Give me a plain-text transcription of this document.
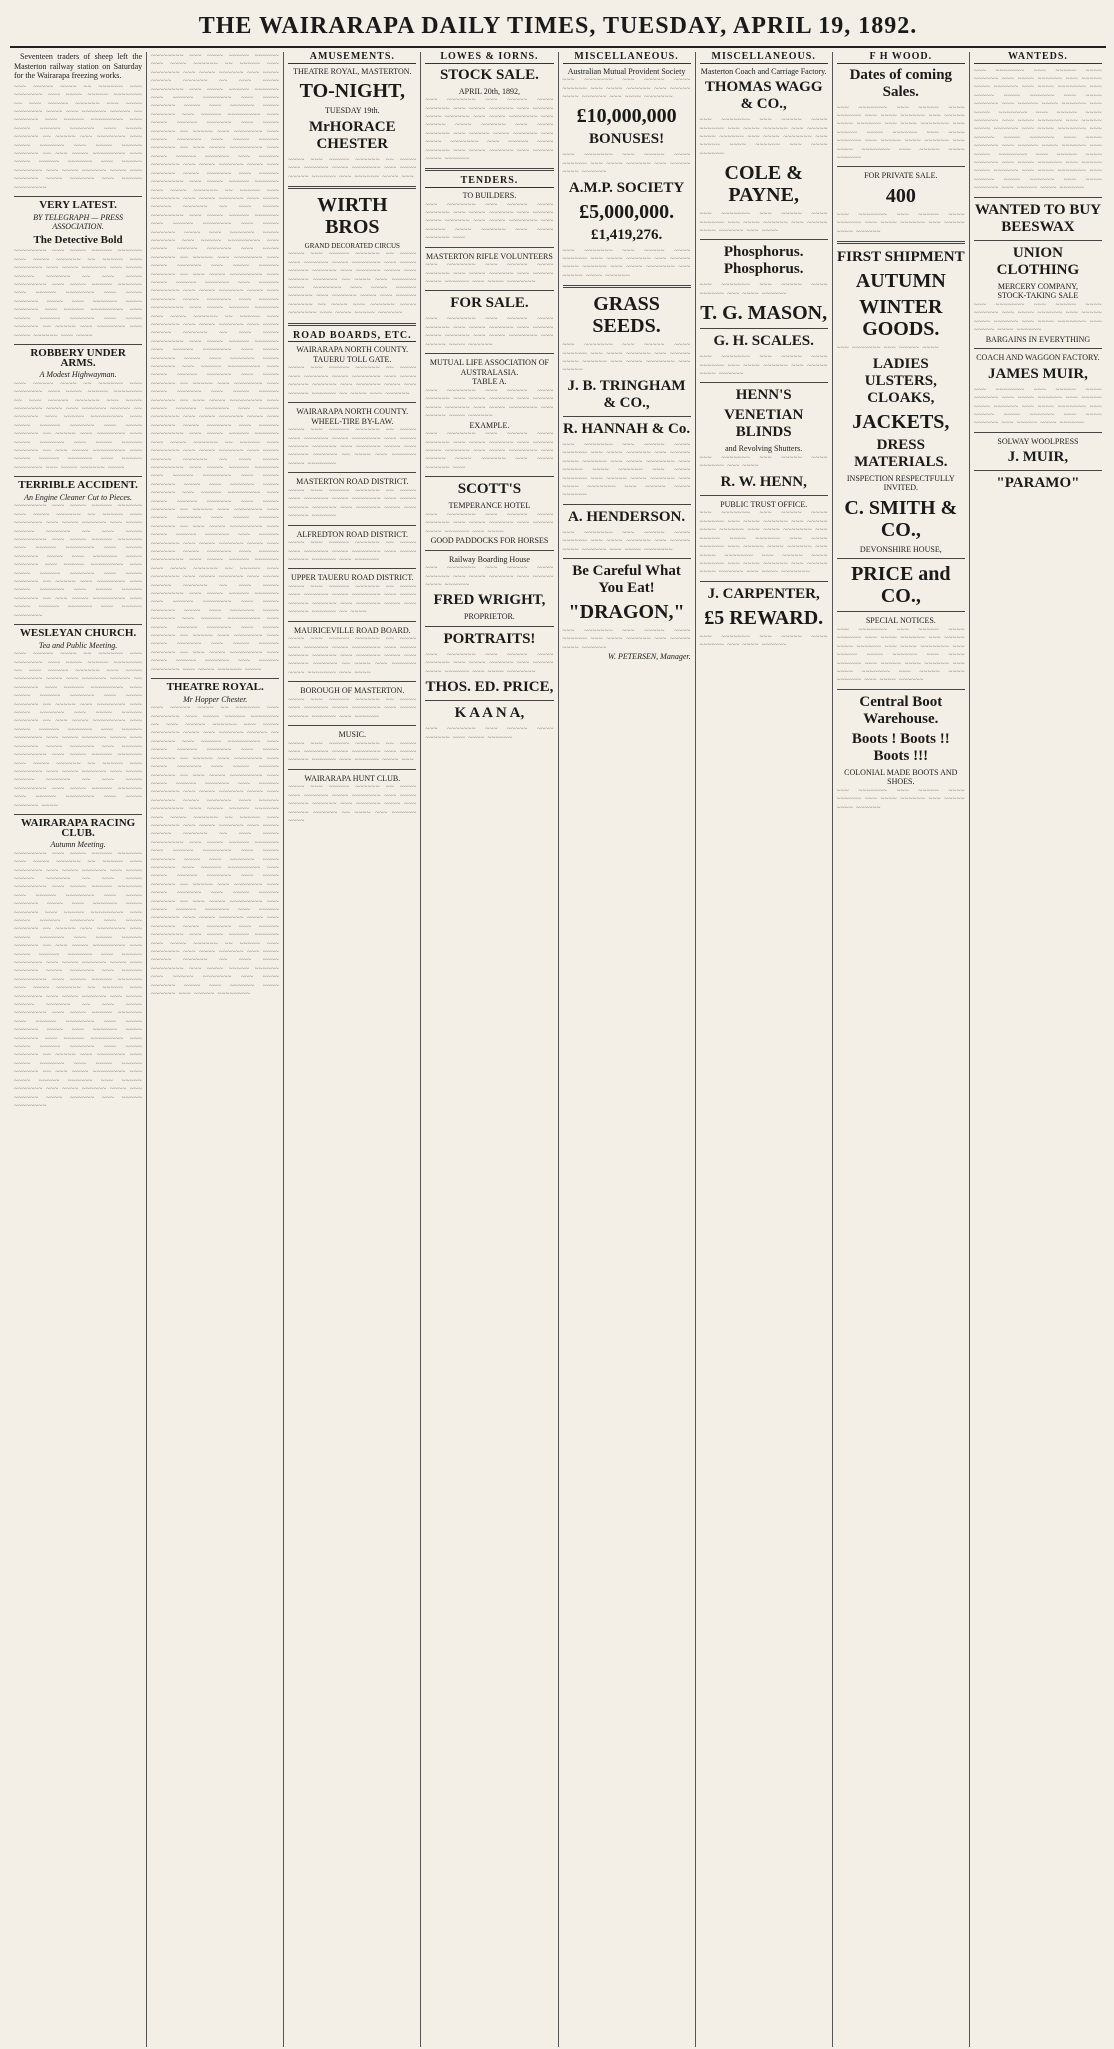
THE WAIRARAPA DAILY TIMES, TUESDAY, APRIL 19, 1892.

Seventeen traders of sheep left the Masterton railway station on Saturday for the Wairarapa freezing works.

~~~ ~~~~~ ~~~~ ~~ ~~~~~~ ~~~ ~~~~~~~ ~~~ ~~~~ ~~~~~ ~~~~~~~ ~~ ~~~ ~~~~~ ~~~~~~ ~~~ ~~~~ ~~~~~~~ ~~~~ ~~~ ~~~~~~ ~~~~~ ~~ ~~~~~~ ~~~ ~~~~~ ~~~~~~~~ ~~~ ~~~~ ~~~~~ ~~~~~~ ~~~ ~~~~ ~~~~~~ ~~ ~~~~~ ~~~ ~~~~~~~ ~~~ ~~~~ ~~~~~~ ~~~ ~~~~ ~~~~~ ~~~~~~ ~~ ~~~ ~~~~ ~~~~~~~~ ~~~ ~~~~ ~~~~~ ~~~~~~ ~~~ ~~~~~ ~~~~~~~ ~~~ ~~~~ ~~~~~~ ~~~~ ~~~ ~~~~~~ ~~~~ ~~~~~~ ~~~ ~~~~~ ~~~~~~~~
VERY LATEST.
BY TELEGRAPH — PRESS ASSOCIATION.
The Detective Bold
~~~~~~~~ ~~~ ~~~~ ~~~~~ ~~~~~~ ~~~ ~~~~ ~~~~~~ ~~ ~~~~~ ~~~ ~~~~~~~ ~~~ ~~~~ ~~~~~~ ~~~ ~~~~ ~~~~~ ~~~~~~ ~~ ~~~ ~~~~ ~~~~~~~~ ~~~ ~~~~ ~~~~~ ~~~~~~ ~~~ ~~~~~ ~~~~~~~ ~~~ ~~~~ ~~~~~~ ~~~~ ~~~ ~~~~~~ ~~~~ ~~~~~~ ~~~ ~~~~~ ~~~~~~~~ ~~~ ~~~~ ~~~~~ ~~~~~~ ~~~ ~~~~ ~~~~~~ ~~ ~~~~~ ~~~ ~~~~~~~ ~~~ ~~~~ ~~~~~~ ~~~ ~~~~
ROBBERY UNDER ARMS.
A Modest Highwayman.
~~~ ~~~~~ ~~~~ ~~ ~~~~~~ ~~~ ~~~~~~~ ~~~ ~~~~ ~~~~~ ~~~~~~~ ~~ ~~~ ~~~~~ ~~~~~~ ~~~ ~~~~ ~~~~~~~ ~~~~ ~~~ ~~~~~~ ~~~~~ ~~ ~~~~~~ ~~~ ~~~~~ ~~~~~~~~ ~~~ ~~~~ ~~~~~ ~~~~~~ ~~~ ~~~~ ~~~~~~ ~~ ~~~~~ ~~~ ~~~~~~~ ~~~ ~~~~ ~~~~~~ ~~~ ~~~~ ~~~~~ ~~~~~~ ~~ ~~~ ~~~~ ~~~~~~~~ ~~~ ~~~~ ~~~~~ ~~~~~~ ~~~ ~~~~~ ~~~~~~~ ~~~ ~~~~ ~~~~~~ ~~~~
TERRIBLE ACCIDENT.
An Engine Cleaner Cut to Pieces.
~~~~~~~~ ~~~ ~~~~ ~~~~~ ~~~~~~ ~~~ ~~~~ ~~~~~~ ~~ ~~~~~ ~~~ ~~~~~~~ ~~~ ~~~~ ~~~~~~ ~~~ ~~~~ ~~~~~ ~~~~~~ ~~ ~~~ ~~~~ ~~~~~~~~ ~~~ ~~~~ ~~~~~ ~~~~~~ ~~~ ~~~~~ ~~~~~~~ ~~~ ~~~~ ~~~~~~ ~~~~ ~~~ ~~~~~~ ~~~~ ~~~~~~ ~~~ ~~~~~ ~~~~~~~~ ~~~ ~~~~ ~~~~~ ~~~~~~ ~~~ ~~~~ ~~~~~~ ~~ ~~~~~ ~~~ ~~~~~~~ ~~~ ~~~~ ~~~~~~ ~~~ ~~~~ ~~~~~ ~~~~~~ ~~ ~~~ ~~~~ ~~~~~~~~ ~~~ ~~~~ ~~~~~ ~~~~~~ ~~~ ~~~~~ ~~~~~~~
WESLEYAN CHURCH.
Tea and Public Meeting.
~~~ ~~~~~ ~~~~ ~~ ~~~~~~ ~~~ ~~~~~~~ ~~~ ~~~~ ~~~~~ ~~~~~~~ ~~ ~~~ ~~~~~ ~~~~~~ ~~~ ~~~~ ~~~~~~~ ~~~~ ~~~ ~~~~~~ ~~~~~ ~~ ~~~~~~ ~~~ ~~~~~ ~~~~~~~~ ~~~ ~~~~ ~~~~~ ~~~~~~ ~~~ ~~~~ ~~~~~~ ~~ ~~~~~ ~~~ ~~~~~~~ ~~~ ~~~~ ~~~~~~ ~~~ ~~~~ ~~~~~ ~~~~~~ ~~ ~~~ ~~~~ ~~~~~~~~ ~~~ ~~~~ ~~~~~ ~~~~~~ ~~~ ~~~~~ ~~~~~~~ ~~~ ~~~~ ~~~~~~ ~~~~ ~~~ ~~~~~~ ~~~~ ~~~~~~ ~~~ ~~~~~ ~~~~~~~~ ~~~ ~~~~ ~~~~~ ~~~~~~ ~~~ ~~~~ ~~~~~~ ~~ ~~~~~ ~~~ ~~~~~~~ ~~~ ~~~~ ~~~~~~ ~~~ ~~~~ ~~~~~ ~~~~~~ ~~ ~~~ ~~~~ ~~~~~~~~ ~~~ ~~~~ ~~~~~ ~~~~~~ ~~~ ~~~~~ ~~~~~~~ ~~~ ~~~~ ~~~~~~ ~~~~
WAIRARAPA RACING CLUB.
Autumn Meeting.
~~~~~~~~ ~~~ ~~~~ ~~~~~ ~~~~~~ ~~~ ~~~~ ~~~~~~ ~~ ~~~~~ ~~~ ~~~~~~~ ~~~ ~~~~ ~~~~~~ ~~~ ~~~~ ~~~~~ ~~~~~~ ~~ ~~~ ~~~~ ~~~~~~~~ ~~~ ~~~~ ~~~~~ ~~~~~~ ~~~ ~~~~~ ~~~~~~~ ~~~ ~~~~ ~~~~~~ ~~~~ ~~~ ~~~~~~ ~~~~ ~~~~~~ ~~~ ~~~~~ ~~~~~~~~ ~~~ ~~~~ ~~~~~ ~~~~~~ ~~~ ~~~~ ~~~~~~ ~~ ~~~~~ ~~~ ~~~~~~~ ~~~ ~~~~ ~~~~~~ ~~~ ~~~~ ~~~~~ ~~~~~~ ~~ ~~~ ~~~~ ~~~~~~~~ ~~~ ~~~~ ~~~~~ ~~~~~~ ~~~ ~~~~~ ~~~~~~~ ~~~ ~~~~ ~~~~~~ ~~~~ ~~~ ~~~~~~ ~~~~ ~~~~~~ ~~~ ~~~~~ ~~~~~~~~ ~~~ ~~~~ ~~~~~ ~~~~~~ ~~~ ~~~~ ~~~~~~ ~~ ~~~~~ ~~~ ~~~~~~~ ~~~ ~~~~ ~~~~~~ ~~~ ~~~~ ~~~~~ ~~~~~~ ~~ ~~~ ~~~~ ~~~~~~~~ ~~~ ~~~~ ~~~~~ ~~~~~~ ~~~ ~~~~~ ~~~~~~~ ~~~ ~~~~ ~~~~~~ ~~~~ ~~~ ~~~~~~ ~~~~ ~~~~~~ ~~~ ~~~~~ ~~~~~~~~ ~~~ ~~~~ ~~~~~ ~~~~~~ ~~~ ~~~~ ~~~~~~ ~~ ~~~~~ ~~~ ~~~~~~~ ~~~ ~~~~ ~~~~~~ ~~~ ~~~~ ~~~~~ ~~~~~~ ~~ ~~~ ~~~~ ~~~~~~~~ ~~~ ~~~~ ~~~~~ ~~~~~~ ~~~ ~~~~~ ~~~~~~~ ~~~ ~~~~ ~~~~~~ ~~~~ ~~~ ~~~~~~ ~~~~ ~~~~~~ ~~~ ~~~~~ ~~~~~~~~
~~~~~~~~ ~~~ ~~~~ ~~~~~ ~~~~~~ ~~~ ~~~~ ~~~~~~ ~~ ~~~~~ ~~~ ~~~~~~~ ~~~ ~~~~ ~~~~~~ ~~~ ~~~~ ~~~~~ ~~~~~~ ~~ ~~~ ~~~~ ~~~~~~~~ ~~~ ~~~~ ~~~~~ ~~~~~~ ~~~ ~~~~~ ~~~~~~~ ~~~ ~~~~ ~~~~~~ ~~~~ ~~~ ~~~~~~ ~~~~ ~~~~~~ ~~~ ~~~~~ ~~~~~~~~ ~~~ ~~~~ ~~~~~ ~~~~~~ ~~~ ~~~~ ~~~~~~ ~~ ~~~~~ ~~~ ~~~~~~~ ~~~ ~~~~ ~~~~~~ ~~~ ~~~~ ~~~~~ ~~~~~~ ~~ ~~~ ~~~~ ~~~~~~~~ ~~~ ~~~~ ~~~~~ ~~~~~~ ~~~ ~~~~~ ~~~~~~~ ~~~ ~~~~ ~~~~~~ ~~~~ ~~~ ~~~~~~ ~~~~ ~~~~~~ ~~~ ~~~~~ ~~~~~~~~ ~~~ ~~~~ ~~~~~ ~~~~~~ ~~~ ~~~~ ~~~~~~ ~~ ~~~~~ ~~~ ~~~~~~~ ~~~ ~~~~ ~~~~~~ ~~~ ~~~~ ~~~~~ ~~~~~~ ~~ ~~~ ~~~~ ~~~~~~~~ ~~~ ~~~~ ~~~~~ ~~~~~~ ~~~ ~~~~~ ~~~~~~~ ~~~ ~~~~ ~~~~~~ ~~~~ ~~~ ~~~~~~ ~~~~ ~~~~~~ ~~~ ~~~~~ ~~~~~~~~ ~~~ ~~~~ ~~~~~ ~~~~~~ ~~~ ~~~~ ~~~~~~ ~~ ~~~~~ ~~~ ~~~~~~~ ~~~ ~~~~ ~~~~~~ ~~~ ~~~~ ~~~~~ ~~~~~~ ~~ ~~~ ~~~~ ~~~~~~~~ ~~~ ~~~~ ~~~~~ ~~~~~~ ~~~ ~~~~~ ~~~~~~~ ~~~ ~~~~ ~~~~~~ ~~~~ ~~~ ~~~~~~ ~~~~ ~~~~~~ ~~~ ~~~~~ ~~~~~~~~ ~~~ ~~~~ ~~~~~ ~~~~~~ ~~~ ~~~~ ~~~~~~ ~~ ~~~~~ ~~~ ~~~~~~~ ~~~ ~~~~ ~~~~~~ ~~~ ~~~~ ~~~~~ ~~~~~~ ~~ ~~~ ~~~~ ~~~~~~~~ ~~~ ~~~~ ~~~~~ ~~~~~~ ~~~ ~~~~~ ~~~~~~~ ~~~ ~~~~ ~~~~~~ ~~~~ ~~~ ~~~~~~ ~~~~ ~~~~~~ ~~~ ~~~~~ ~~~~~~~~ ~~~ ~~~~ ~~~~~ ~~~~~~ ~~~ ~~~~ ~~~~~~ ~~ ~~~~~ ~~~ ~~~~~~~ ~~~ ~~~~ ~~~~~~ ~~~ ~~~~ ~~~~~ ~~~~~~ ~~ ~~~ ~~~~ ~~~~~~~~ ~~~ ~~~~ ~~~~~ ~~~~~~ ~~~ ~~~~~ ~~~~~~~ ~~~ ~~~~ ~~~~~~ ~~~~ ~~~ ~~~~~~ ~~~~ ~~~~~~ ~~~ ~~~~~ ~~~~~~~~ ~~~ ~~~~ ~~~~~ ~~~~~~ ~~~ ~~~~ ~~~~~~ ~~ ~~~~~ ~~~ ~~~~~~~ ~~~ ~~~~ ~~~~~~ ~~~ ~~~~ ~~~~~ ~~~~~~ ~~ ~~~ ~~~~ ~~~~~~~~ ~~~ ~~~~ ~~~~~ ~~~~~~ ~~~ ~~~~~ ~~~~~~~ ~~~ ~~~~ ~~~~~~ ~~~~ ~~~ ~~~~~~ ~~~~ ~~~~~~ ~~~ ~~~~~ ~~~~~~~~ ~~~ ~~~~ ~~~~~ ~~~~~~ ~~~ ~~~~ ~~~~~~ ~~ ~~~~~ ~~~ ~~~~~~~ ~~~ ~~~~ ~~~~~~ ~~~ ~~~~ ~~~~~ ~~~~~~ ~~ ~~~ ~~~~ ~~~~~~~~ ~~~ ~~~~ ~~~~~ ~~~~~~ ~~~ ~~~~~ ~~~~~~~ ~~~ ~~~~ ~~~~~~ ~~~~ ~~~ ~~~~~~ ~~~~ ~~~~~~ ~~~ ~~~~~ ~~~~~~~~ ~~~ ~~~~ ~~~~~ ~~~~~~ ~~~ ~~~~ ~~~~~~ ~~ ~~~~~ ~~~ ~~~~~~~ ~~~ ~~~~ ~~~~~~ ~~~ ~~~~ ~~~~~ ~~~~~~ ~~ ~~~ ~~~~ ~~~~~~~~ ~~~ ~~~~ ~~~~~ ~~~~~~ ~~~ ~~~~~ ~~~~~~~ ~~~ ~~~~ ~~~~~~ ~~~~ ~~~ ~~~~~~ ~~~~ ~~~~~~ ~~~ ~~~~~ ~~~~~~~~ ~~~ ~~~~ ~~~~~ ~~~~~~ ~~~ ~~~~ ~~~~~~ ~~ ~~~~~ ~~~ ~~~~~~~ ~~~ ~~~~ ~~~~~~ ~~~ ~~~~ ~~~~~ ~~~~~~ ~~ ~~~ ~~~~ ~~~~~~~~ ~~~ ~~~~ ~~~~~ ~~~~~~ ~~~ ~~~~~ ~~~~~~~ ~~~ ~~~~ ~~~~~~ ~~~~
THEATRE ROYAL.
Mr Hopper Chester.
~~~ ~~~~~ ~~~~ ~~ ~~~~~~ ~~~ ~~~~~~~ ~~~ ~~~~ ~~~~~ ~~~~~~~ ~~ ~~~ ~~~~~ ~~~~~~ ~~~ ~~~~ ~~~~~~~ ~~~~ ~~~ ~~~~~~ ~~~~~ ~~ ~~~~~~ ~~~ ~~~~~ ~~~~~~~~ ~~~ ~~~~ ~~~~~ ~~~~~~ ~~~ ~~~~ ~~~~~~ ~~ ~~~~~ ~~~ ~~~~~~~ ~~~ ~~~~ ~~~~~~ ~~~ ~~~~ ~~~~~ ~~~~~~ ~~ ~~~ ~~~~ ~~~~~~~~ ~~~ ~~~~ ~~~~~ ~~~~~~ ~~~ ~~~~~ ~~~~~~~ ~~~ ~~~~ ~~~~~~ ~~~~ ~~~ ~~~~~~ ~~~~ ~~~~~~ ~~~ ~~~~~ ~~~~~~~~ ~~~ ~~~~ ~~~~~ ~~~~~~ ~~~ ~~~~ ~~~~~~ ~~ ~~~~~ ~~~ ~~~~~~~ ~~~ ~~~~ ~~~~~~ ~~~ ~~~~ ~~~~~ ~~~~~~ ~~ ~~~ ~~~~ ~~~~~~~~ ~~~ ~~~~ ~~~~~ ~~~~~~ ~~~ ~~~~~ ~~~~~~~ ~~~ ~~~~ ~~~~~~ ~~~~ ~~~ ~~~~~~ ~~~~ ~~~~~~ ~~~ ~~~~~ ~~~~~~~~ ~~~ ~~~~ ~~~~~ ~~~~~~ ~~~ ~~~~ ~~~~~~ ~~ ~~~~~ ~~~ ~~~~~~~ ~~~ ~~~~ ~~~~~~ ~~~ ~~~~ ~~~~~ ~~~~~~ ~~ ~~~ ~~~~ ~~~~~~~~ ~~~ ~~~~ ~~~~~ ~~~~~~ ~~~ ~~~~~ ~~~~~~~ ~~~ ~~~~ ~~~~~~ ~~~~ ~~~ ~~~~~~ ~~~~ ~~~~~~ ~~~ ~~~~~ ~~~~~~~~ ~~~ ~~~~ ~~~~~ ~~~~~~ ~~~ ~~~~ ~~~~~~ ~~ ~~~~~ ~~~ ~~~~~~~ ~~~ ~~~~ ~~~~~~ ~~~ ~~~~ ~~~~~ ~~~~~~ ~~ ~~~ ~~~~ ~~~~~~~~ ~~~ ~~~~ ~~~~~ ~~~~~~ ~~~ ~~~~~ ~~~~~~~ ~~~ ~~~~ ~~~~~~ ~~~~ ~~~ ~~~~~~ ~~~~ ~~~~~~ ~~~ ~~~~~ ~~~~~~~~
AMUSEMENTS.
THEATRE ROYAL, MASTERTON.
TO-NIGHT,
TUESDAY 19th.
MrHORACE CHESTER
~~~~ ~~~ ~~~~~ ~~~~~~ ~~ ~~~~ ~~~ ~~~~~~ ~~~~ ~~~~~~~ ~~~ ~~~~ ~~~~~ ~~~~~~ ~~~ ~~~~~~ ~~~~ ~~~
WIRTH BROS
GRAND DECORATED CIRCUS
~~~~ ~~~ ~~~~~ ~~~~~~ ~~ ~~~~ ~~~ ~~~~~~ ~~~~ ~~~~~~~ ~~~ ~~~~ ~~~~~ ~~~~~~ ~~~ ~~~~~~ ~~~~ ~~~ ~~~~~ ~~~~~~ ~~ ~~~~ ~~~ ~~~~~~ ~~~~ ~~~~~~~ ~~~ ~~~~ ~~~~~ ~~~~~~ ~~~ ~~~~~~ ~~~~ ~~~ ~~~~~ ~~~~~~ ~~ ~~~~ ~~~ ~~~~~~ ~~~~ ~~~~~~~ ~~~ ~~~~ ~~~~~ ~~~~~~
ROAD BOARDS, ETC.
WAIRARAPA NORTH COUNTY.
TAUERU TOLL GATE.
~~~~ ~~~ ~~~~~ ~~~~~~ ~~ ~~~~ ~~~ ~~~~~~ ~~~~ ~~~~~~~ ~~~ ~~~~ ~~~~~ ~~~~~~ ~~~ ~~~~~~ ~~~~ ~~~ ~~~~~ ~~~~~~ ~~ ~~~~ ~~~ ~~~~~~
WAIRARAPA NORTH COUNTY.
WHEEL-TIRE BY-LAW.
~~~~ ~~~ ~~~~~ ~~~~~~ ~~ ~~~~ ~~~ ~~~~~~ ~~~~ ~~~~~~~ ~~~ ~~~~ ~~~~~ ~~~~~~ ~~~ ~~~~~~ ~~~~ ~~~ ~~~~~ ~~~~~~ ~~ ~~~~ ~~~ ~~~~~~ ~~~~ ~~~~~~~
MASTERTON ROAD DISTRICT.
~~~~ ~~~ ~~~~~ ~~~~~~ ~~ ~~~~ ~~~ ~~~~~~ ~~~~ ~~~~~~~ ~~~ ~~~~ ~~~~~ ~~~~~~ ~~~ ~~~~~~ ~~~~ ~~~ ~~~~~ ~~~~~~
ALFREDTON ROAD DISTRICT.
~~~~ ~~~ ~~~~~ ~~~~~~ ~~ ~~~~ ~~~ ~~~~~~ ~~~~ ~~~~~~~ ~~~ ~~~~ ~~~~~ ~~~~~~ ~~~ ~~~~~~
UPPER TAUERU ROAD DISTRICT.
~~~~ ~~~ ~~~~~ ~~~~~~ ~~ ~~~~ ~~~ ~~~~~~ ~~~~ ~~~~~~~ ~~~ ~~~~ ~~~~~ ~~~~~~ ~~~ ~~~~~~ ~~~~ ~~~ ~~~~~ ~~~~~~ ~~ ~~~~
MAURICEVILLE ROAD BOARD.
~~~~ ~~~ ~~~~~ ~~~~~~ ~~ ~~~~ ~~~ ~~~~~~ ~~~~ ~~~~~~~ ~~~ ~~~~ ~~~~~ ~~~~~~ ~~~ ~~~~~~ ~~~~ ~~~ ~~~~~ ~~~~~~ ~~ ~~~~ ~~~ ~~~~~~ ~~~~ ~~~~~~~ ~~~ ~~~~
BOROUGH OF MASTERTON.
~~~~ ~~~ ~~~~~ ~~~~~~ ~~ ~~~~ ~~~ ~~~~~~ ~~~~ ~~~~~~~ ~~~ ~~~~ ~~~~~ ~~~~~~ ~~~ ~~~~~~
MUSIC.
~~~~ ~~~ ~~~~~ ~~~~~~ ~~ ~~~~ ~~~ ~~~~~~ ~~~~ ~~~~~~~ ~~~ ~~~~ ~~~~~ ~~~~~~ ~~~ ~~~~~~ ~~~~ ~~~
WAIRARAPA HUNT CLUB.
~~~~ ~~~ ~~~~~ ~~~~~~ ~~ ~~~~ ~~~ ~~~~~~ ~~~~ ~~~~~~~ ~~~ ~~~~ ~~~~~ ~~~~~~ ~~~ ~~~~~~ ~~~~ ~~~ ~~~~~ ~~~~~~ ~~ ~~~~ ~~~ ~~~~~~ ~~~~
LOWES & IORNS.
STOCK SALE.
APRIL 20th, 1892,
~~~ ~~~~~~~ ~~~ ~~~~~ ~~~~ ~~~~~~ ~~~ ~~~~ ~~~~~~ ~~~ ~~~~~ ~~~~ ~~~~~~ ~~~ ~~~~ ~~~~~~~ ~~~ ~~~~~ ~~~~ ~~~~~~ ~~~ ~~~~ ~~~~~~ ~~~ ~~~~~ ~~~~ ~~~~~~ ~~~ ~~~~ ~~~~~~~ ~~~ ~~~~~ ~~~~ ~~~~~~ ~~~ ~~~~ ~~~~~~ ~~~ ~~~~~ ~~~~ ~~~~~~
TENDERS.
TO BUILDERS.
~~~ ~~~~~~~ ~~~ ~~~~~ ~~~~ ~~~~~~ ~~~ ~~~~ ~~~~~~ ~~~ ~~~~~ ~~~~ ~~~~~~ ~~~ ~~~~ ~~~~~~~ ~~~ ~~~~~ ~~~~ ~~~~~~ ~~~ ~~~~ ~~~~~~ ~~~
MASTERTON RIFLE VOLUNTEERS
~~~ ~~~~~~~ ~~~ ~~~~~ ~~~~ ~~~~~~ ~~~ ~~~~ ~~~~~~ ~~~ ~~~~~ ~~~~ ~~~~~~ ~~~ ~~~~ ~~~~~~~
FOR SALE.
~~~ ~~~~~~~ ~~~ ~~~~~ ~~~~ ~~~~~~ ~~~ ~~~~ ~~~~~~ ~~~ ~~~~~ ~~~~ ~~~~~~ ~~~ ~~~~ ~~~~~~~ ~~~ ~~~~~ ~~~~ ~~~~~~
MUTUAL LIFE ASSOCIATION OF AUSTRALASIA.
TABLE A.
~~~ ~~~~~~~ ~~~ ~~~~~ ~~~~ ~~~~~~ ~~~ ~~~~ ~~~~~~ ~~~ ~~~~~ ~~~~ ~~~~~~ ~~~ ~~~~ ~~~~~~~ ~~~ ~~~~~ ~~~~ ~~~~~~
EXAMPLE.
~~~ ~~~~~~~ ~~~ ~~~~~ ~~~~ ~~~~~~ ~~~ ~~~~ ~~~~~~ ~~~ ~~~~~ ~~~~ ~~~~~~ ~~~ ~~~~ ~~~~~~~ ~~~ ~~~~~ ~~~~ ~~~~~~ ~~~ ~~~~ ~~~~~~ ~~~
SCOTT'S
TEMPERANCE HOTEL
~~~ ~~~~~~~ ~~~ ~~~~~ ~~~~ ~~~~~~ ~~~ ~~~~ ~~~~~~ ~~~ ~~~~~ ~~~~ ~~~~~~ ~~~ ~~~~
GOOD PADDOCKS FOR HORSES
Railway Boarding House
~~~ ~~~~~~~ ~~~ ~~~~~ ~~~~ ~~~~~~ ~~~ ~~~~ ~~~~~~ ~~~ ~~~~~ ~~~~ ~~~~~~
FRED WRIGHT,
PROPRIETOR.
PORTRAITS!
~~~ ~~~~~~~ ~~~ ~~~~~ ~~~~ ~~~~~~ ~~~ ~~~~ ~~~~~~ ~~~ ~~~~~ ~~~~ ~~~~~~ ~~~ ~~~~ ~~~~~~~
THOS. ED. PRICE,
K A A N A,
~~~ ~~~~~~~ ~~~ ~~~~~ ~~~~ ~~~~~~ ~~~ ~~~~ ~~~~~~
MISCELLANEOUS.
Australian Mutual Provident Society
~~~ ~~~~~~~ ~~~ ~~~~~ ~~~~ ~~~~~~ ~~~ ~~~~ ~~~~~~ ~~~ ~~~~~ ~~~~ ~~~~~~ ~~~ ~~~~ ~~~~~~~
£10,000,000
BONUSES!
~~~ ~~~~~~~ ~~~ ~~~~~ ~~~~ ~~~~~~ ~~~ ~~~~ ~~~~~~ ~~~ ~~~~~ ~~~~ ~~~~~~
A.M.P. SOCIETY
£5,000,000.
£1,419,276.
~~~ ~~~~~~~ ~~~ ~~~~~ ~~~~ ~~~~~~ ~~~ ~~~~ ~~~~~~ ~~~ ~~~~~ ~~~~ ~~~~~~ ~~~ ~~~~ ~~~~~~~ ~~~ ~~~~~ ~~~~ ~~~~~~
GRASS SEEDS.
~~~ ~~~~~~~ ~~~ ~~~~~ ~~~~ ~~~~~~ ~~~ ~~~~ ~~~~~~ ~~~ ~~~~~ ~~~~ ~~~~~~ ~~~ ~~~~ ~~~~~~~ ~~~ ~~~~~
J. B. TRINGHAM & CO.,
R. HANNAH & Co.
~~~ ~~~~~~~ ~~~ ~~~~~ ~~~~ ~~~~~~ ~~~ ~~~~ ~~~~~~ ~~~ ~~~~~ ~~~~ ~~~~~~ ~~~ ~~~~ ~~~~~~~ ~~~ ~~~~~ ~~~~ ~~~~~~ ~~~ ~~~~ ~~~~~~ ~~~ ~~~~~ ~~~~ ~~~~~~ ~~~ ~~~~ ~~~~~~~ ~~~ ~~~~~ ~~~~ ~~~~~~
A. HENDERSON.
~~~ ~~~~~~~ ~~~ ~~~~~ ~~~~ ~~~~~~ ~~~ ~~~~ ~~~~~~ ~~~ ~~~~~ ~~~~ ~~~~~~ ~~~ ~~~~ ~~~~~~~
Be Careful What You Eat!
"DRAGON,"
~~~ ~~~~~~~ ~~~ ~~~~~ ~~~~ ~~~~~~ ~~~ ~~~~ ~~~~~~ ~~~ ~~~~~ ~~~~ ~~~~~~
W. PETERSEN, Manager.
MISCELLANEOUS.
Masterton Coach and Carriage Factory.
THOMAS WAGG & CO.,
~~~ ~~~~~~~ ~~~ ~~~~~ ~~~~ ~~~~~~ ~~~ ~~~~ ~~~~~~ ~~~ ~~~~~ ~~~~ ~~~~~~ ~~~ ~~~~ ~~~~~~~ ~~~ ~~~~~ ~~~~ ~~~~~~ ~~~ ~~~~ ~~~~~~
COLE & PAYNE,
~~~ ~~~~~~~ ~~~ ~~~~~ ~~~~ ~~~~~~ ~~~ ~~~~ ~~~~~~ ~~~ ~~~~~ ~~~~ ~~~~~~ ~~~ ~~~~
Phosphorus. Phosphorus.
~~~ ~~~~~~~ ~~~ ~~~~~ ~~~~ ~~~~~~ ~~~ ~~~~ ~~~~~~
T. G. MASON,
G. H. SCALES.
~~~ ~~~~~~~ ~~~ ~~~~~ ~~~~ ~~~~~~ ~~~ ~~~~ ~~~~~~ ~~~ ~~~~~ ~~~~ ~~~~~~
HENN'S
VENETIAN BLINDS
and Revolving Shutters.
~~~ ~~~~~~~ ~~~ ~~~~~ ~~~~ ~~~~~~ ~~~ ~~~~
R. W. HENN,
PUBLIC TRUST OFFICE.
~~~ ~~~~~~~ ~~~ ~~~~~ ~~~~ ~~~~~~ ~~~ ~~~~ ~~~~~~ ~~~ ~~~~~ ~~~~ ~~~~~~ ~~~ ~~~~ ~~~~~~~ ~~~ ~~~~~ ~~~~ ~~~~~~ ~~~ ~~~~ ~~~~~~ ~~~ ~~~~~ ~~~~ ~~~~~~ ~~~ ~~~~ ~~~~~~~ ~~~ ~~~~~ ~~~~ ~~~~~~ ~~~ ~~~~ ~~~~~~ ~~~ ~~~~~ ~~~~ ~~~~~~ ~~~ ~~~~ ~~~~~~~
J. CARPENTER,
£5 REWARD.
~~~ ~~~~~~~ ~~~ ~~~~~ ~~~~ ~~~~~~ ~~~ ~~~~ ~~~~~~
F H WOOD.
Dates of coming Sales.
~~~ ~~~~~~~ ~~~ ~~~~~ ~~~~ ~~~~~~ ~~~ ~~~~ ~~~~~~ ~~~ ~~~~~ ~~~~ ~~~~~~ ~~~ ~~~~ ~~~~~~~ ~~~ ~~~~~ ~~~~ ~~~~~~ ~~~ ~~~~ ~~~~~~ ~~~ ~~~~~ ~~~~ ~~~~~~ ~~~ ~~~~ ~~~~~~~ ~~~ ~~~~~ ~~~~ ~~~~~~
FOR PRIVATE SALE.
400
~~~ ~~~~~~~ ~~~ ~~~~~ ~~~~ ~~~~~~ ~~~ ~~~~ ~~~~~~ ~~~ ~~~~~ ~~~~ ~~~~~~
FIRST SHIPMENT
AUTUMN
WINTER GOODS.
~~~ ~~~~~~~ ~~~ ~~~~~ ~~~~
LADIES ULSTERS, CLOAKS,
JACKETS,
DRESS MATERIALS.
INSPECTION RESPECTFULLY INVITED.
C. SMITH & CO.,
DEVONSHIRE HOUSE,
PRICE and CO.,
SPECIAL NOTICES.
~~~ ~~~~~~~ ~~~ ~~~~~ ~~~~ ~~~~~~ ~~~ ~~~~ ~~~~~~ ~~~ ~~~~~ ~~~~ ~~~~~~ ~~~ ~~~~ ~~~~~~~ ~~~ ~~~~~ ~~~~ ~~~~~~ ~~~ ~~~~ ~~~~~~ ~~~ ~~~~~ ~~~~ ~~~~~~ ~~~ ~~~~ ~~~~~~~ ~~~ ~~~~~ ~~~~ ~~~~~~ ~~~ ~~~~ ~~~~~~
Central Boot Warehouse.
Boots ! Boots !! Boots !!!
COLONIAL MADE BOOTS AND SHOES.
~~~ ~~~~~~~ ~~~ ~~~~~ ~~~~ ~~~~~~ ~~~ ~~~~ ~~~~~~ ~~~ ~~~~~ ~~~~ ~~~~~~
WANTEDS.
~~~ ~~~~~~~ ~~~ ~~~~~ ~~~~ ~~~~~~ ~~~ ~~~~ ~~~~~~ ~~~ ~~~~~ ~~~~ ~~~~~~ ~~~ ~~~~ ~~~~~~~ ~~~ ~~~~~ ~~~~ ~~~~~~ ~~~ ~~~~ ~~~~~~ ~~~ ~~~~~ ~~~~ ~~~~~~ ~~~ ~~~~ ~~~~~~~ ~~~ ~~~~~ ~~~~ ~~~~~~ ~~~ ~~~~ ~~~~~~ ~~~ ~~~~~ ~~~~ ~~~~~~ ~~~ ~~~~ ~~~~~~~ ~~~ ~~~~~ ~~~~ ~~~~~~ ~~~ ~~~~ ~~~~~~ ~~~ ~~~~~ ~~~~ ~~~~~~ ~~~ ~~~~ ~~~~~~~ ~~~ ~~~~~ ~~~~ ~~~~~~ ~~~ ~~~~ ~~~~~~ ~~~ ~~~~~ ~~~~ ~~~~~~ ~~~ ~~~~ ~~~~~~~ ~~~ ~~~~~ ~~~~ ~~~~~~ ~~~ ~~~~ ~~~~~~ ~~~ ~~~~~ ~~~~ ~~~~~~
WANTED TO BUY BEESWAX
UNION CLOTHING
MERCERY COMPANY,
STOCK-TAKING SALE
~~~ ~~~~~~~ ~~~ ~~~~~ ~~~~ ~~~~~~ ~~~ ~~~~ ~~~~~~ ~~~ ~~~~~ ~~~~ ~~~~~~ ~~~ ~~~~ ~~~~~~~ ~~~ ~~~~~ ~~~~ ~~~~~~
BARGAINS IN EVERYTHING
COACH AND WAGGON FACTORY.
JAMES MUIR,
~~~ ~~~~~~~ ~~~ ~~~~~ ~~~~ ~~~~~~ ~~~ ~~~~ ~~~~~~ ~~~ ~~~~~ ~~~~ ~~~~~~ ~~~ ~~~~ ~~~~~~~ ~~~ ~~~~~ ~~~~ ~~~~~~ ~~~ ~~~~ ~~~~~~ ~~~ ~~~~~ ~~~~ ~~~~~~
SOLWAY WOOLPRESS
J. MUIR,
"PARAMO"
